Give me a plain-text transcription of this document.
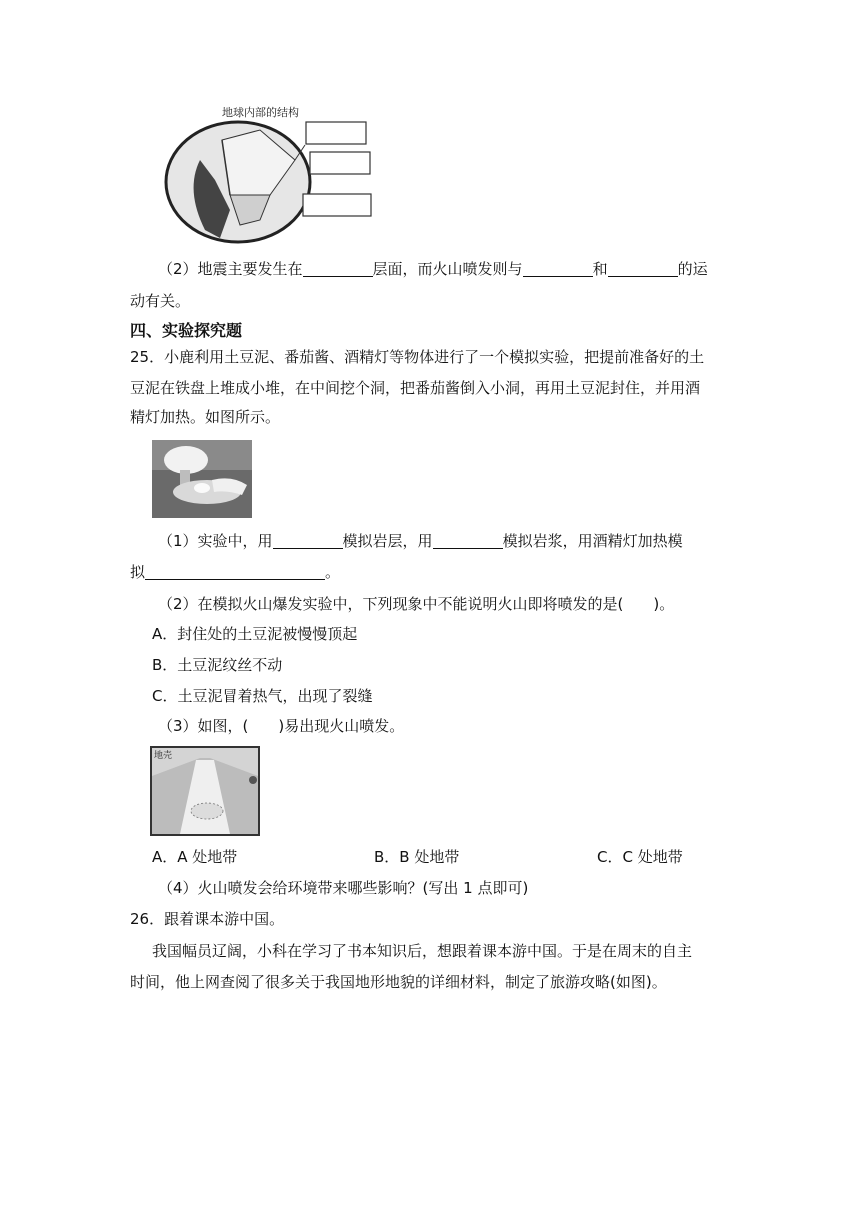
地球内部的结构
（2）地震主要发生在	层面，而火山喷发则与	和	的运
动有关。
四、实验探究题
25．小鹿利用土豆泥、番茄酱、酒精灯等物体进行了一个模拟实验，把提前准备好的土
豆泥在铁盘上堆成小堆，在中间挖个洞，把番茄酱倒入小洞，再用土豆泥封住，并用酒
精灯加热。如图所示。
（1）实验中，用	模拟岩层，用	模拟岩浆，用酒精灯加热模
拟	。
（2）在模拟火山爆发实验中，下列现象中不能说明火山即将喷发的是(　　)。
A．封住处的土豆泥被慢慢顶起
B．土豆泥纹丝不动
C．土豆泥冒着热气，出现了裂缝
（3）如图，(　　)易出现火山喷发。
地壳
A．A 处地带	B．B 处地带	C．C 处地带
（4）火山喷发会给环境带来哪些影响？(写出 1 点即可)
26．跟着课本游中国。
我国幅员辽阔，小科在学习了书本知识后，想跟着课本游中国。于是在周末的自主
时间，他上网查阅了很多关于我国地形地貌的详细材料，制定了旅游攻略(如图)。
